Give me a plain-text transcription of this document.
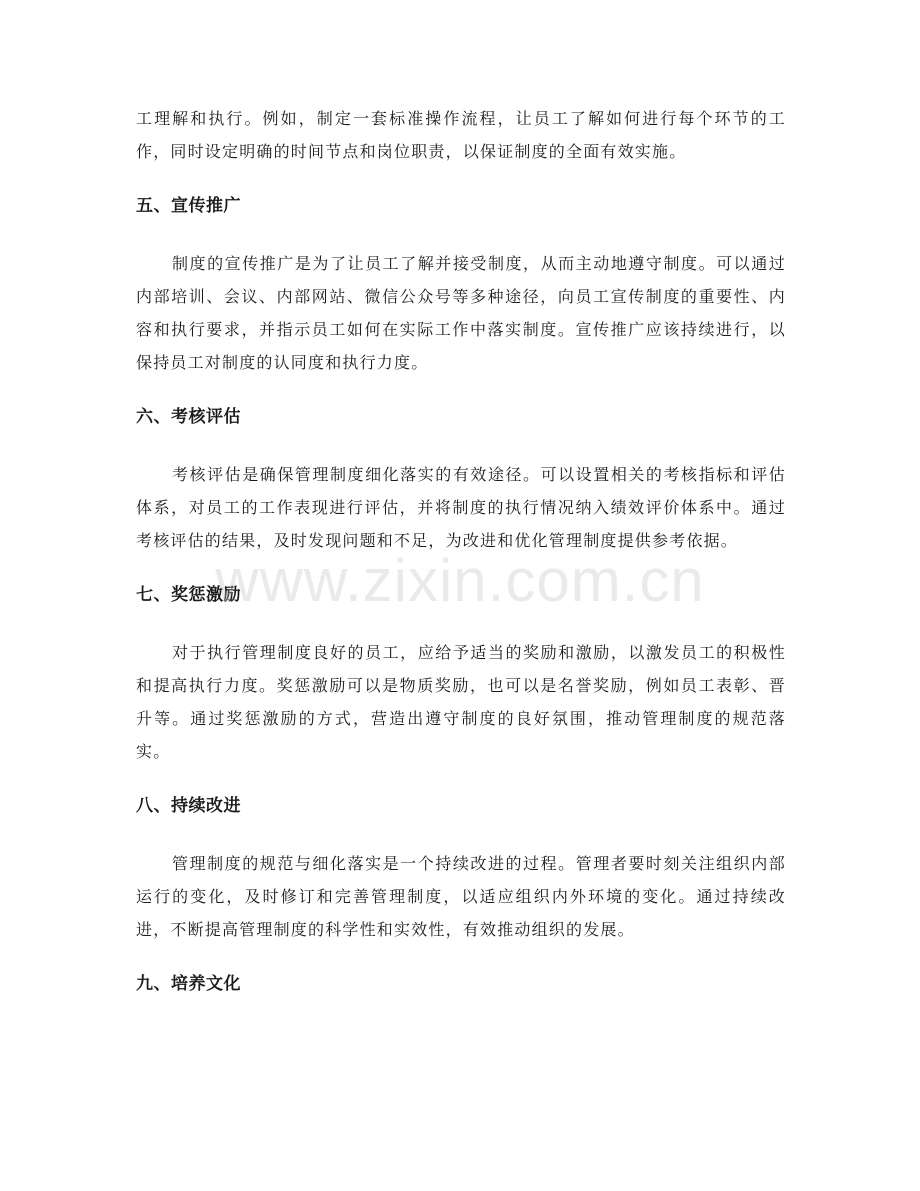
工理解和执行。例如，制定一套标准操作流程，让员工了解如何进行每个环节的工作，同时设定明确的时间节点和岗位职责，以保证制度的全面有效实施。

五、宣传推广

制度的宣传推广是为了让员工了解并接受制度，从而主动地遵守制度。可以通过内部培训、会议、内部网站、微信公众号等多种途径，向员工宣传制度的重要性、内容和执行要求，并指示员工如何在实际工作中落实制度。宣传推广应该持续进行，以保持员工对制度的认同度和执行力度。

六、考核评估

考核评估是确保管理制度细化落实的有效途径。可以设置相关的考核指标和评估体系，对员工的工作表现进行评估，并将制度的执行情况纳入绩效评价体系中。通过考核评估的结果，及时发现问题和不足，为改进和优化管理制度提供参考依据。

七、奖惩激励

对于执行管理制度良好的员工，应给予适当的奖励和激励，以激发员工的积极性和提高执行力度。奖惩激励可以是物质奖励，也可以是名誉奖励，例如员工表彰、晋升等。通过奖惩激励的方式，营造出遵守制度的良好氛围，推动管理制度的规范落实。

八、持续改进

管理制度的规范与细化落实是一个持续改进的过程。管理者要时刻关注组织内部运行的变化，及时修订和完善管理制度，以适应组织内外环境的变化。通过持续改进，不断提高管理制度的科学性和实效性，有效推动组织的发展。

九、培养文化
www.zixin.com.cn
